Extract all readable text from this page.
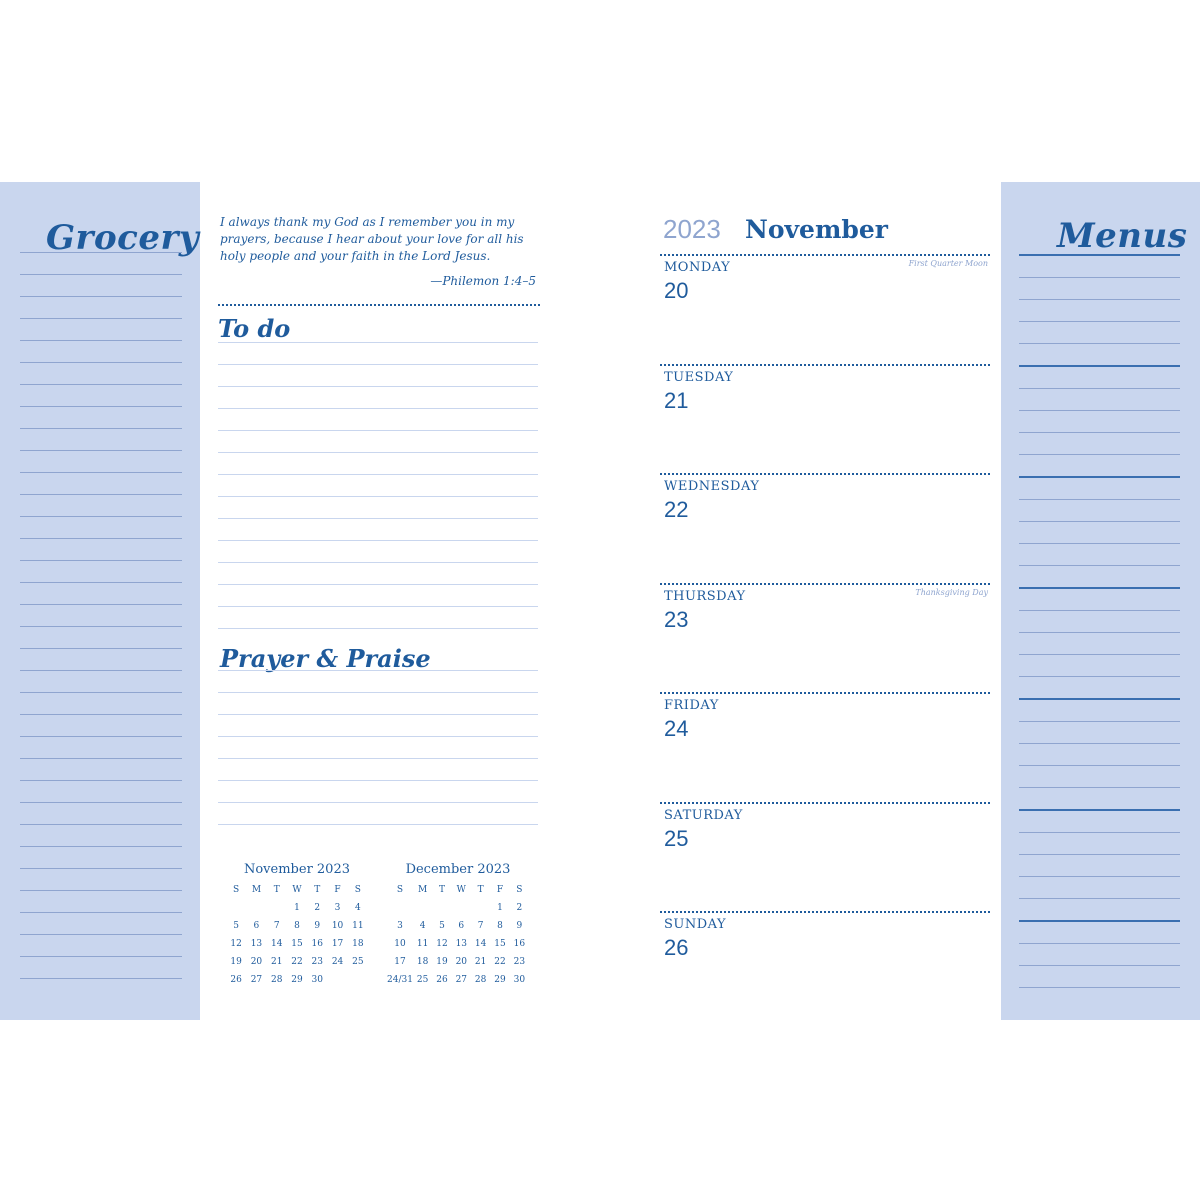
Grocery I always thank my God as I remember you in my prayers, because I hear about your love for all his holy people and your faith in the Lord Jesus.
—Philemon 1:4–5
To do
Prayer & Praise
November 2023
S	M	T	W	T	F	S
			1	2	3	4
5	6	7	8	9	10	11
12	13	14	15	16	17	18
19	20	21	22	23	24	25
26	27	28	29	30		
December 2023
S	M	T	W	T	F	S
					1	2
3	4	5	6	7	8	9
10	11	12	13	14	15	16
17	18	19	20	21	22	23
24/31	25	26	27	28	29	30
2023 November
MONDAY
20
First Quarter Moon
TUESDAY
21
WEDNESDAY
22
THURSDAY
23
Thanksgiving Day
FRIDAY
24
SATURDAY
25
SUNDAY
26
Menus
